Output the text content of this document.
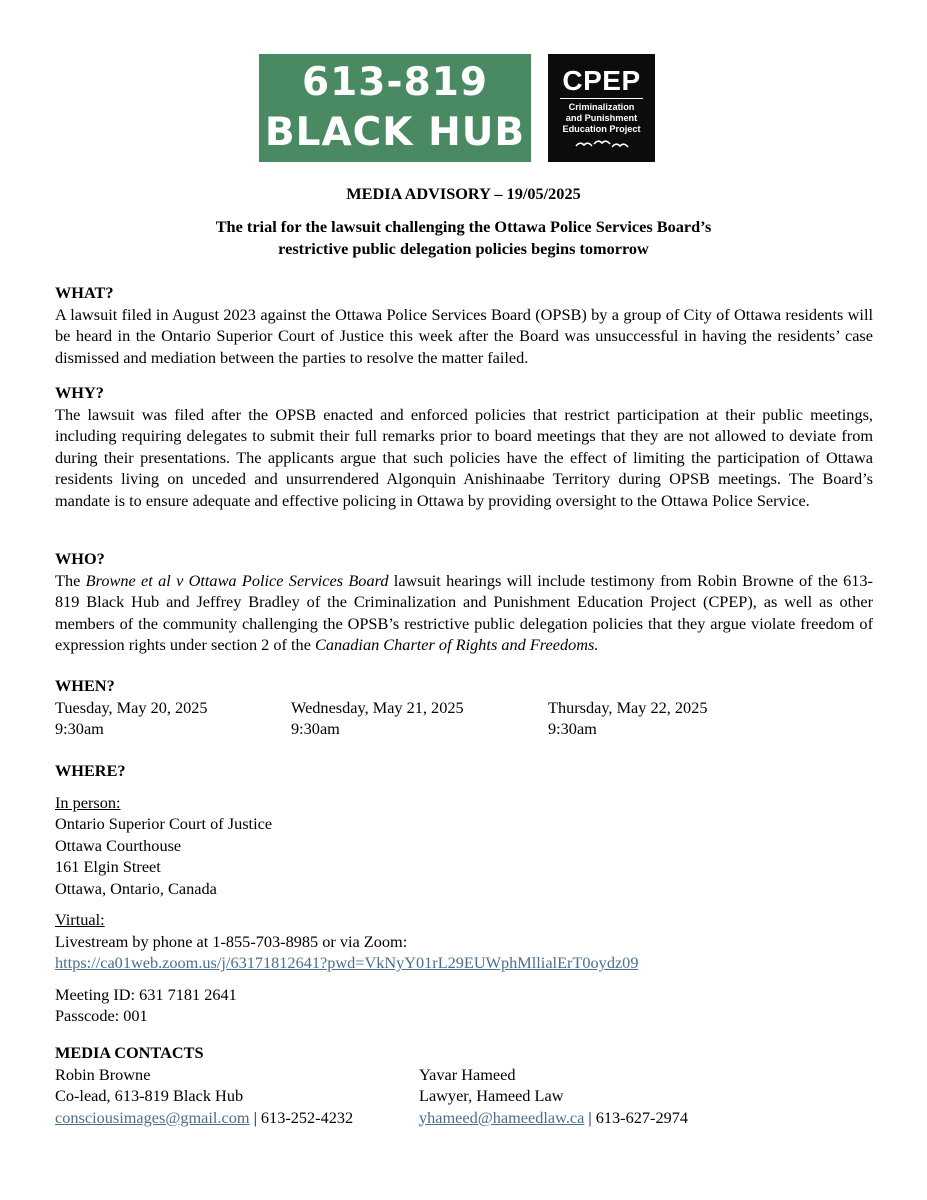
613-819
BLACK HUB
CPEP
Criminalization
and Punishment
Education Project
MEDIA ADVISORY – 19/05/2025
The trial for the lawsuit challenging the Ottawa Police Services Board’s
restrictive public delegation policies begins tomorrow
WHAT?

A lawsuit filed in August 2023 against the Ottawa Police Services Board (OPSB) by a group of City of Ottawa residents will be heard in the Ontario Superior Court of Justice this week after the Board was unsuccessful in having the residents’ case dismissed and mediation between the parties to resolve the matter failed.

WHY?

The lawsuit was filed after the OPSB enacted and enforced policies that restrict participation at their public meetings, including requiring delegates to submit their full remarks prior to board meetings that they are not allowed to deviate from during their presentations. The applicants argue that such policies have the effect of limiting the participation of Ottawa residents living on unceded and unsurrendered Algonquin Anishinaabe Territory during OPSB meetings. The Board’s mandate is to ensure adequate and effective policing in Ottawa by providing oversight to the Ottawa Police Service.

WHO?

The Browne et al v Ottawa Police Services Board lawsuit hearings will include testimony from Robin Browne of the 613-819 Black Hub and Jeffrey Bradley of the Criminalization and Punishment Education Project (CPEP), as well as other members of the community challenging the OPSB’s restrictive public delegation policies that they argue violate freedom of expression rights under section 2 of the Canadian Charter of Rights and Freedoms.

WHEN?
Tuesday, May 20, 2025
9:30am
Wednesday, May 21, 2025
9:30am
Thursday, May 22, 2025
9:30am
WHERE?
In person:
Ontario Superior Court of Justice
Ottawa Courthouse
161 Elgin Street
Ottawa, Ontario, Canada
Virtual:
Livestream by phone at 1-855-703-8985 or via Zoom:
https://ca01web.zoom.us/j/63171812641?pwd=VkNyY01rL29EUWphMllialErT0oydz09
Meeting ID: 631 7181 2641
Passcode: 001
MEDIA CONTACTS
Robin Browne
Co-lead, 613-819 Black Hub
consciousimages@gmail.com | 613-252-4232
Yavar Hameed
Lawyer, Hameed Law
yhameed@hameedlaw.ca | 613-627-2974
